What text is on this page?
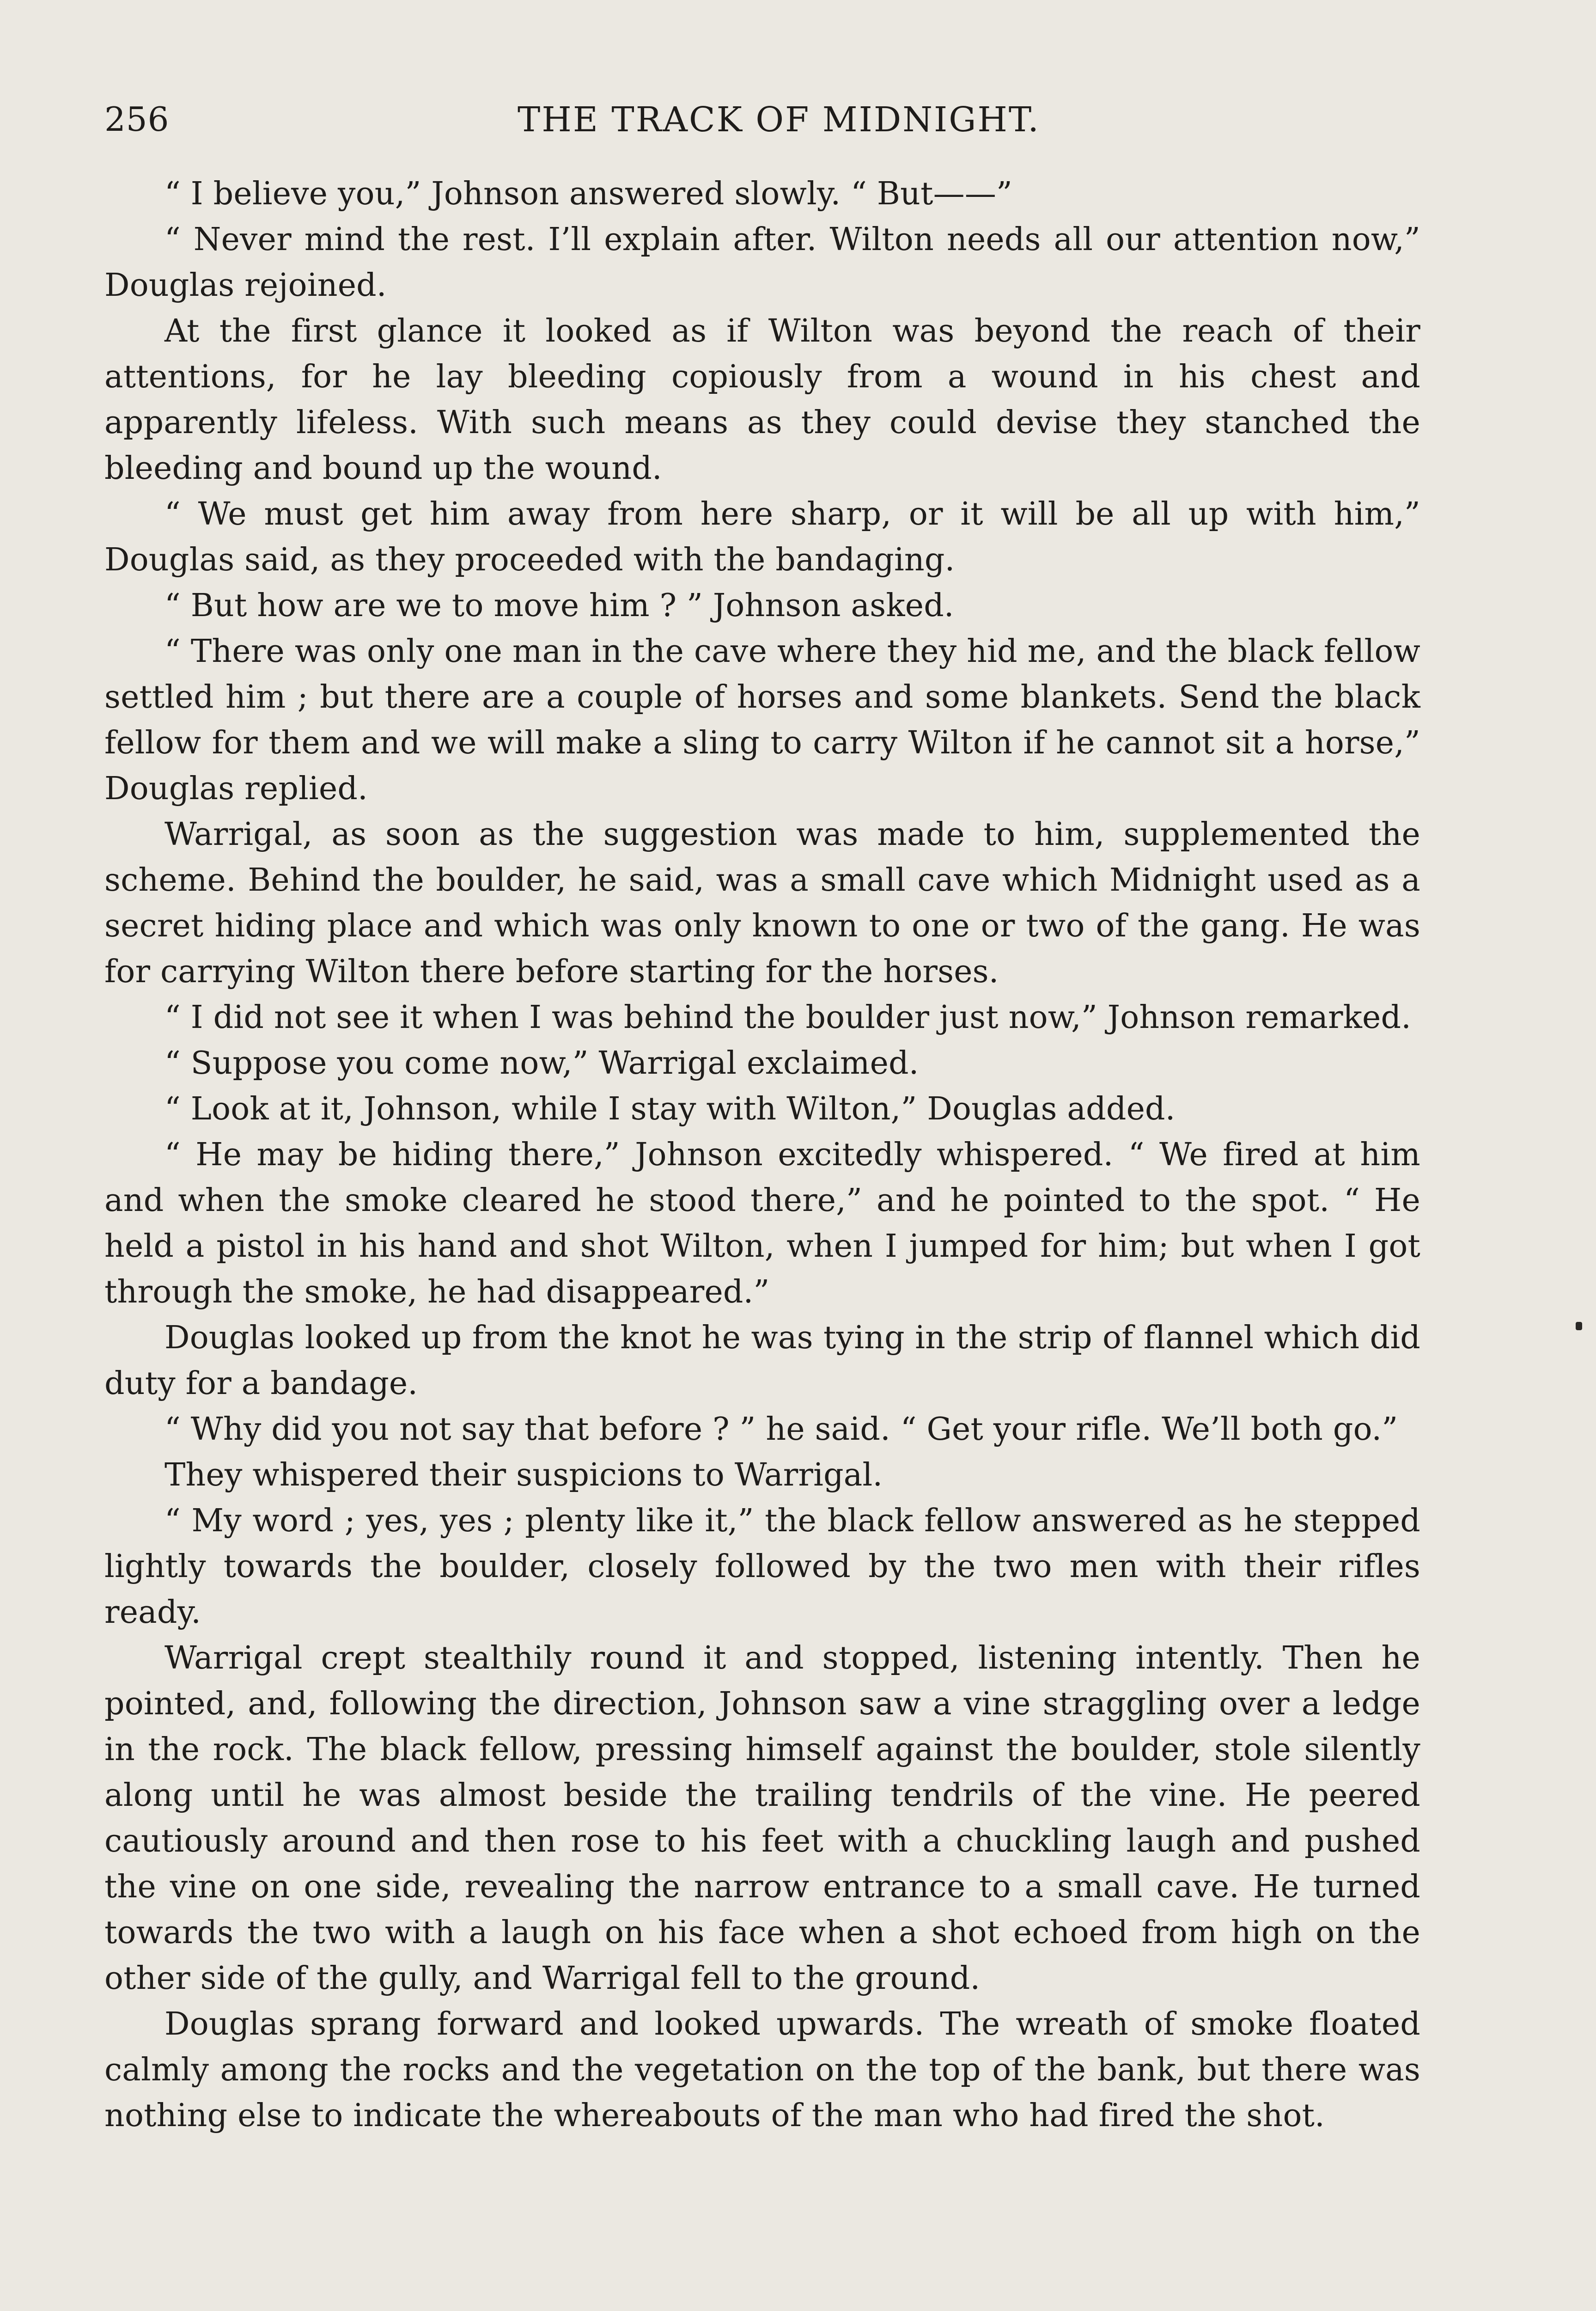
256	THE TRACK OF MIDNIGHT.

“ I believe you,” Johnson answered slowly. “ But——”

“ Never mind the rest. I’ll explain after. Wilton needs all our attention now,” Douglas rejoined.

At the first glance it looked as if Wilton was beyond the reach of their attentions, for he lay bleeding copiously from a wound in his chest and apparently lifeless. With such means as they could devise they stanched the bleeding and bound up the wound.

“ We must get him away from here sharp, or it will be all up with him,” Douglas said, as they proceeded with the bandaging.

“ But how are we to move him ? ” Johnson asked.

“ There was only one man in the cave where they hid me, and the black fellow settled him ; but there are a couple of horses and some blankets. Send the black fellow for them and we will make a sling to carry Wilton if he cannot sit a horse,” Douglas replied.

Warrigal, as soon as the suggestion was made to him, supplemented the scheme. Behind the boulder, he said, was a small cave which Midnight used as a secret hiding place and which was only known to one or two of the gang. He was for carrying Wilton there before starting for the horses.

“ I did not see it when I was behind the boulder just now,” Johnson remarked.

“ Suppose you come now,” Warrigal exclaimed.

“ Look at it, Johnson, while I stay with Wilton,” Douglas added.

“ He may be hiding there,” Johnson excitedly whispered. “ We fired at him and when the smoke cleared he stood there,” and he pointed to the spot. “ He held a pistol in his hand and shot Wilton, when I jumped for him; but when I got through the smoke, he had disappeared.”

Douglas looked up from the knot he was tying in the strip of flannel which did duty for a bandage.

“ Why did you not say that before ? ” he said. “ Get your rifle. We’ll both go.”

They whispered their suspicions to Warrigal.

“ My word ; yes, yes ; plenty like it,” the black fellow answered as he stepped lightly towards the boulder, closely followed by the two men with their rifles ready.

Warrigal crept stealthily round it and stopped, listening intently. Then he pointed, and, following the direction, Johnson saw a vine straggling over a ledge in the rock. The black fellow, pressing himself against the boulder, stole silently along until he was almost beside the trailing tendrils of the vine. He peered cautiously around and then rose to his feet with a chuckling laugh and pushed the vine on one side, revealing the narrow entrance to a small cave. He turned towards the two with a laugh on his face when a shot echoed from high on the other side of the gully, and Warrigal fell to the ground.

Douglas sprang forward and looked upwards. The wreath of smoke floated calmly among the rocks and the vegetation on the top of the bank, but there was nothing else to indicate the whereabouts of the man who had fired the shot.
